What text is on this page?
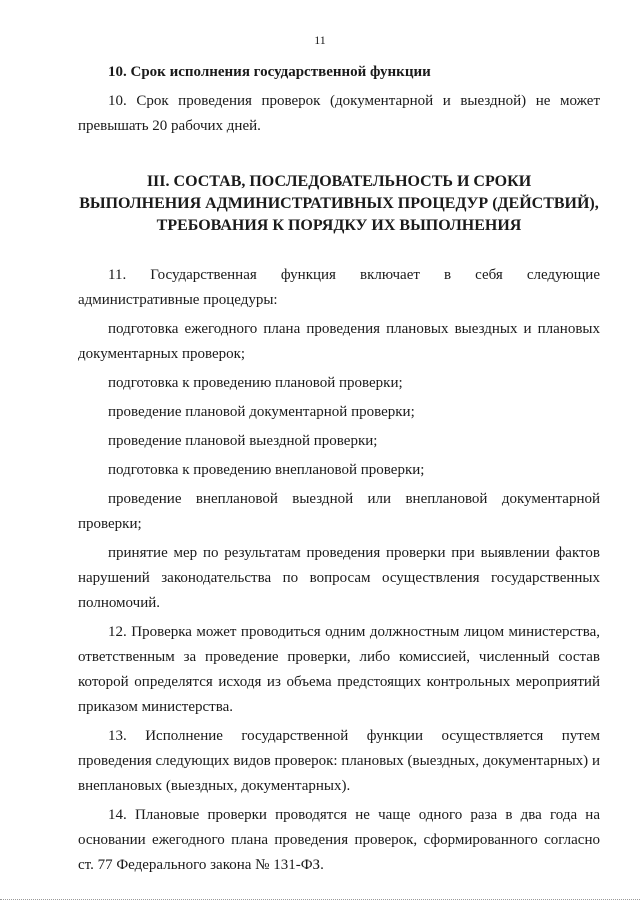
11

10. Срок исполнения государственной функции

10. Срок проведения проверок (документарной и выездной) не может превышать 20 рабочих дней.

III. СОСТАВ, ПОСЛЕДОВАТЕЛЬНОСТЬ И СРОКИ
ВЫПОЛНЕНИЯ АДМИНИСТРАТИВНЫХ ПРОЦЕДУР (ДЕЙСТВИЙ),
ТРЕБОВАНИЯ К ПОРЯДКУ ИХ ВЫПОЛНЕНИЯ

11. Государственная функция включает в себя следующие административные процедуры:

подготовка ежегодного плана проведения плановых выездных и плановых документарных проверок;

подготовка к проведению плановой проверки;

проведение плановой документарной проверки;

проведение плановой выездной проверки;

подготовка к проведению внеплановой проверки;

проведение внеплановой выездной или внеплановой документарной проверки;

принятие мер по результатам проведения проверки при выявлении фактов нарушений законодательства по вопросам осуществления государственных полномочий.

12. Проверка может проводиться одним должностным лицом министерства, ответственным за проведение проверки, либо комиссией, численный состав которой определятся исходя из объема предстоящих контрольных мероприятий приказом министерства.

13. Исполнение государственной функции осуществляется путем проведения следующих видов проверок: плановых (выездных, документарных) и внеплановых (выездных, документарных).

14. Плановые проверки проводятся не чаще одного раза в два года на основании ежегодного плана проведения проверок, сформированного согласно ст. 77 Федерального закона № 131-ФЗ.
